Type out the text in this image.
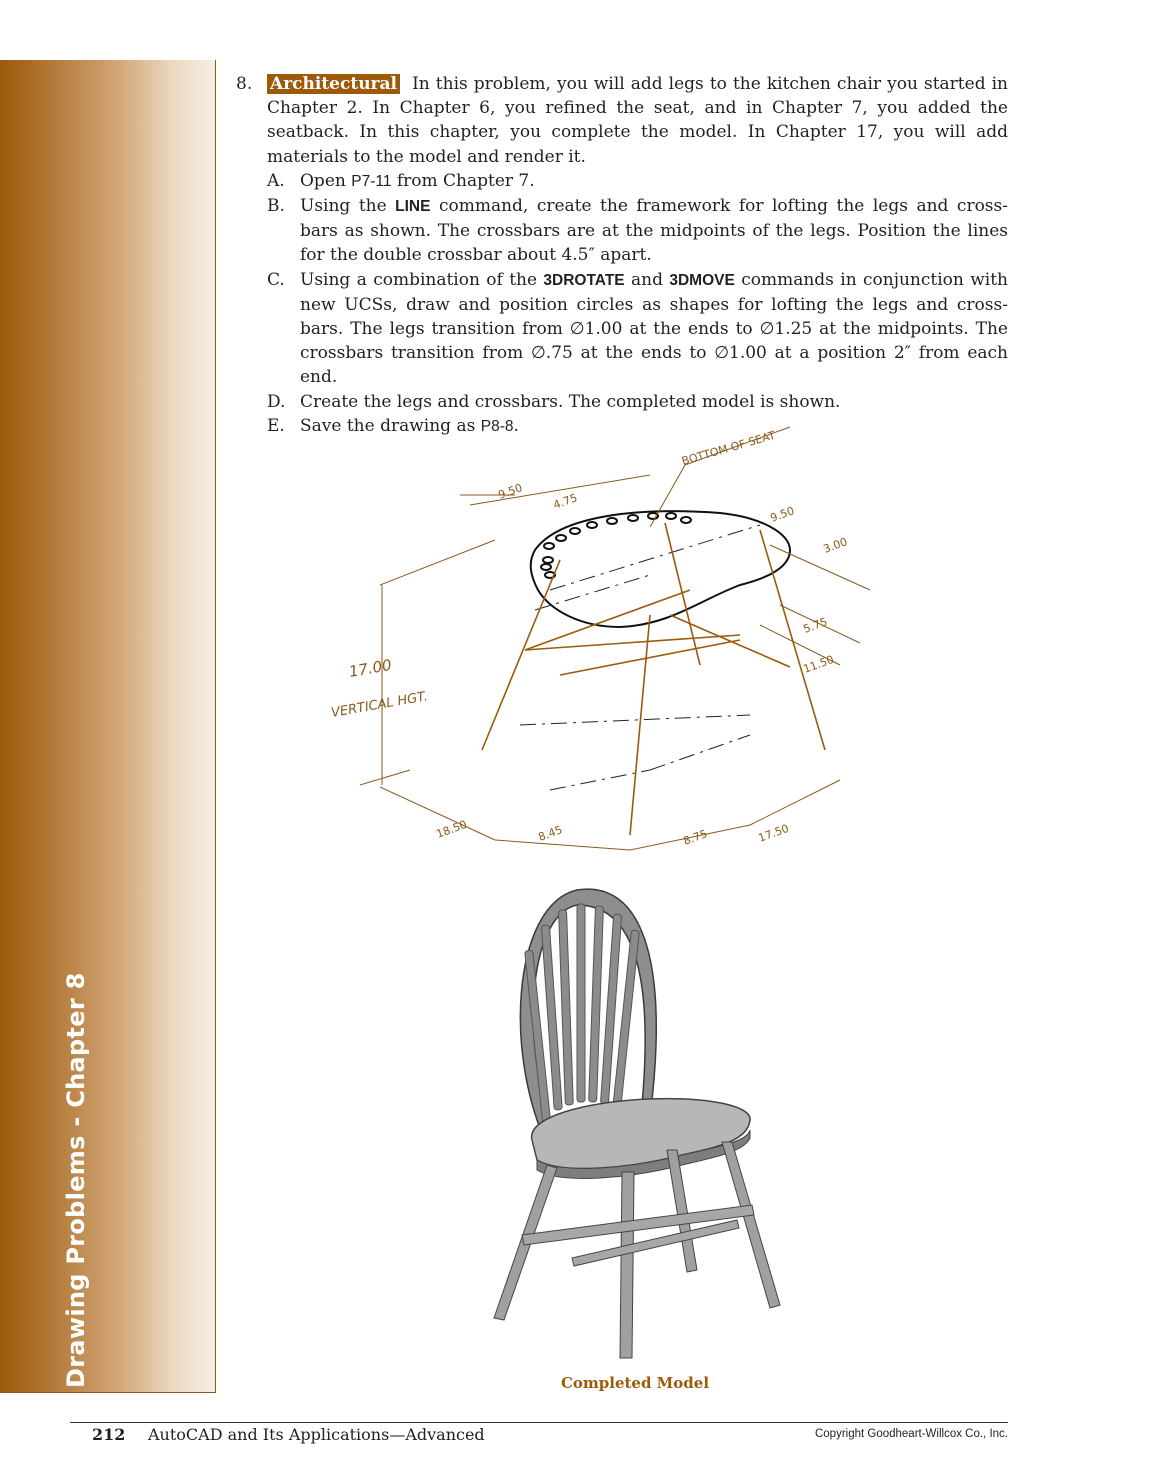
Drawing Problems - Chapter 8
8. Architectural In this problem, you will add legs to the kitchen chair you started in Chapter 2. In Chapter 6, you refined the seat, and in Chapter 7, you added the seatback. In this chapter, you complete the model. In Chapter 17, you will add materials to the model and render it.
A. Open P7-11 from Chapter 7.
B. Using the LINE command, create the framework for lofting the legs and cross-bars as shown. The crossbars are at the midpoints of the legs. Position the lines for the double crossbar about 4.5″ apart.
C. Using a combination of the 3DROTATE and 3DMOVE commands in conjunction with new UCSs, draw and position circles as shapes for lofting the legs and cross-bars. The legs transition from ∅1.00 at the ends to ∅1.25 at the midpoints. The crossbars transition from ∅.75 at the ends to ∅1.00 at a position 2″ from each end.
D. Create the legs and crossbars. The completed model is shown.
E. Save the drawing as P8-8.
BOTTOM OF SEAT
9.50	4.75
9.50
3.00
5.75
11.50
17.00
VERTICAL HGT.
18.50	8.45	8.75	17.50
Completed Model
212 AutoCAD and Its Applications—Advanced	Copyright Goodheart-Willcox Co., Inc.
